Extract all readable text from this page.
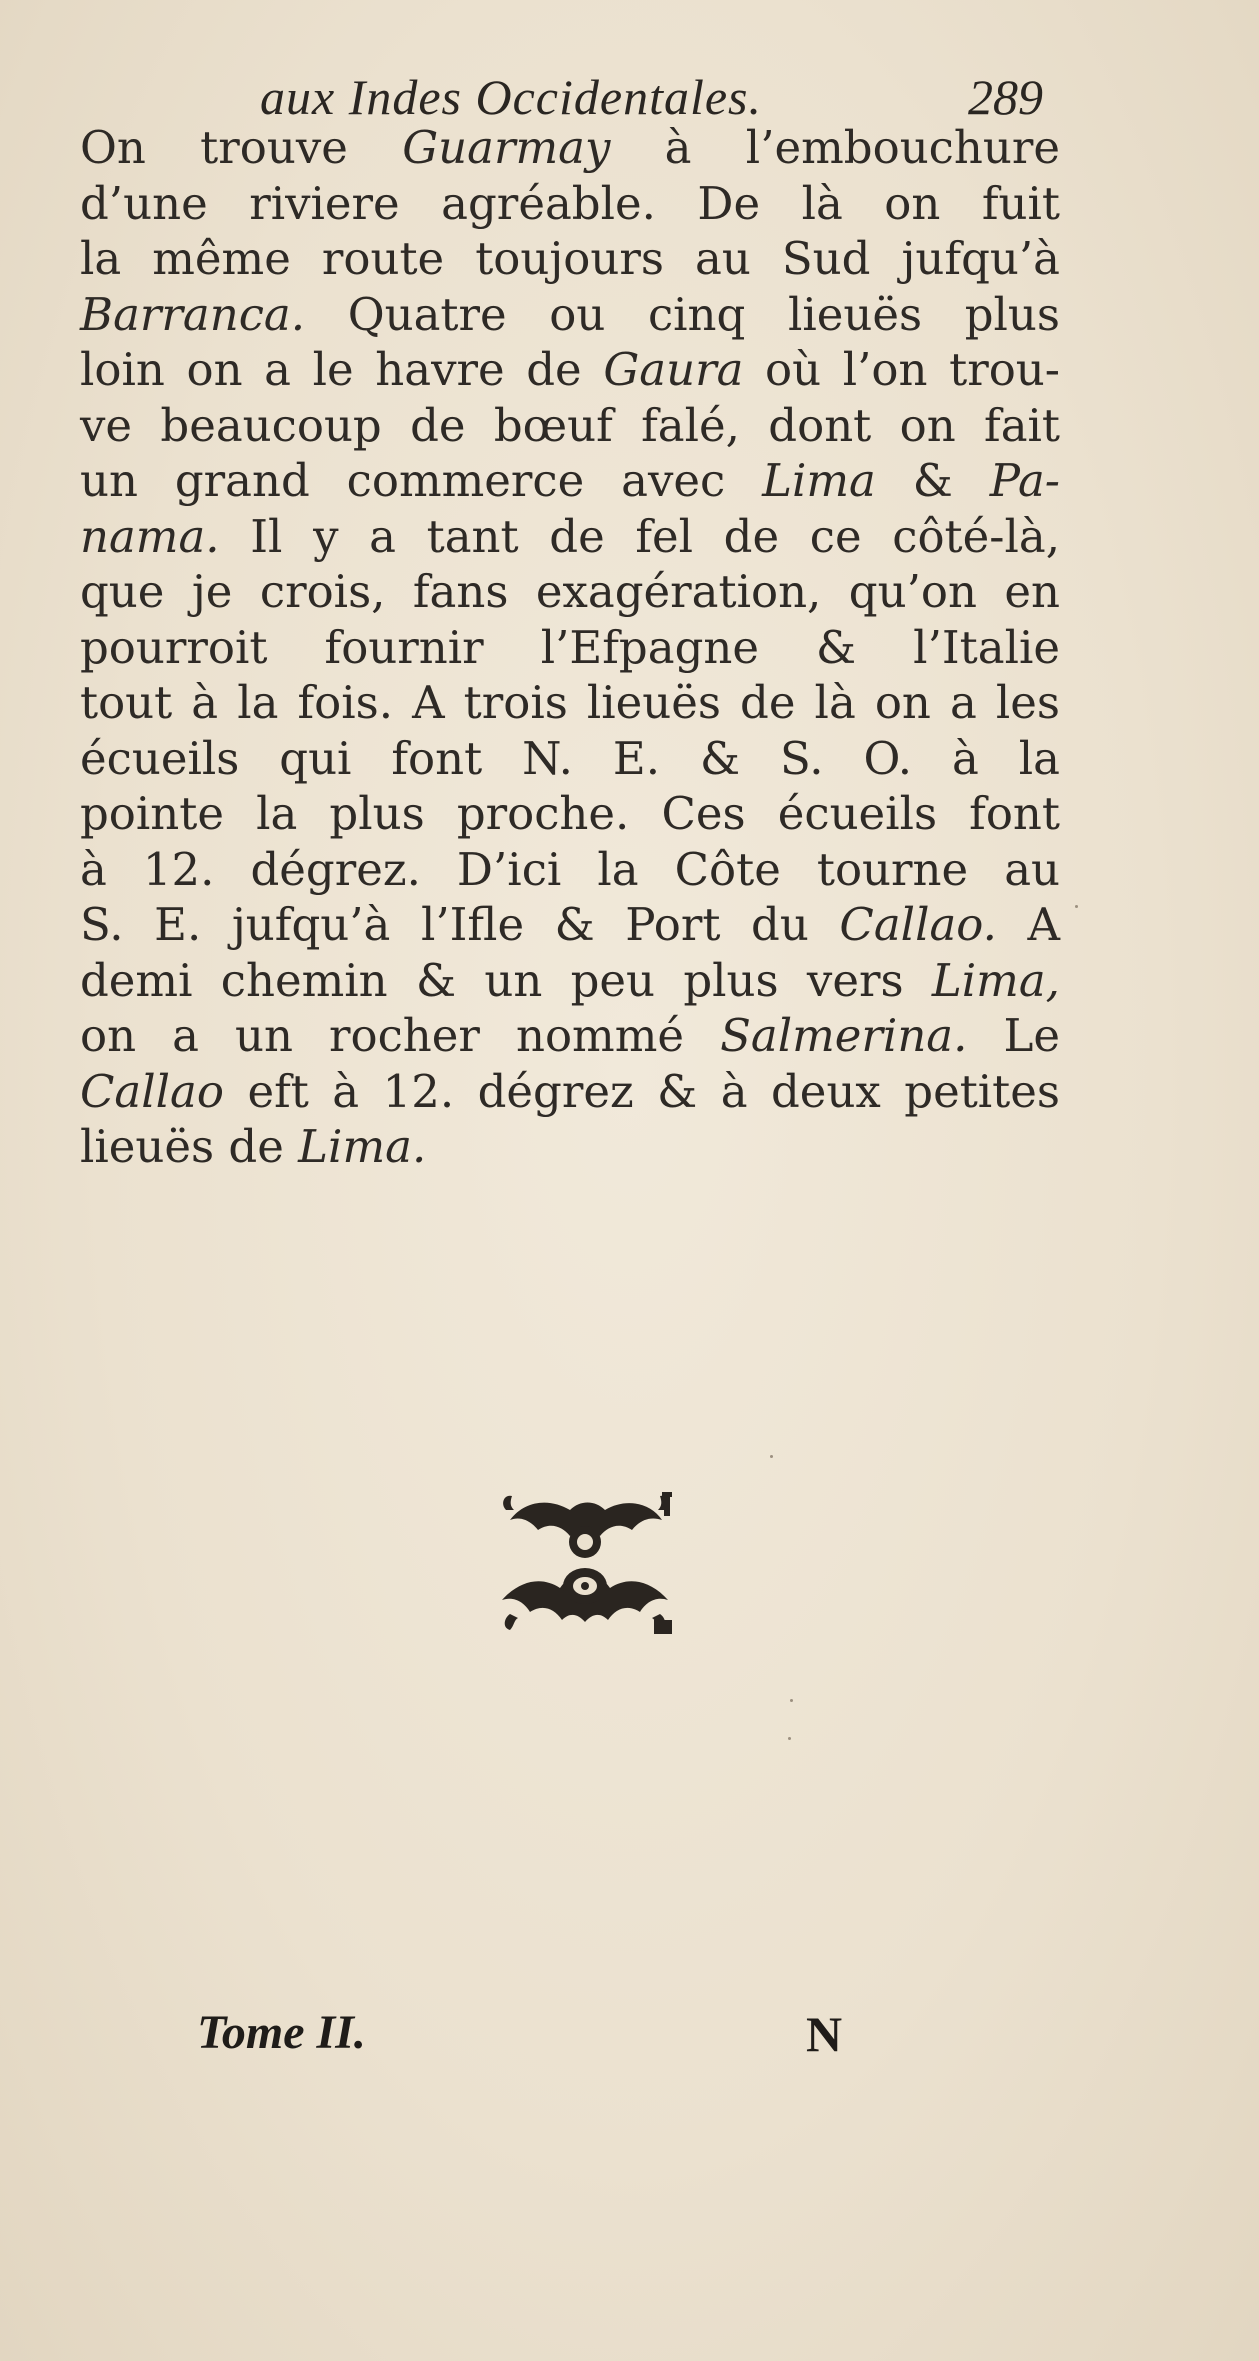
aux Indes Occidentales.	289
On trouve Guarmay à l’embouchure
d’une riviere agréable. De là on fuit
la même route toujours au Sud jufqu’à
Barranca. Quatre ou cinq lieuës plus
loin on a le havre de Gaura où l’on trou-
ve beaucoup de bœuf falé, dont on fait
un grand commerce avec Lima & Pa-
nama. Il y a tant de fel de ce côté-là,
que je crois, fans exagération, qu’on en
pourroit fournir l’Efpagne & l’Italie
tout à la fois. A trois lieuës de là on a les
écueils qui font N. E. & S. O. à la
pointe la plus proche. Ces écueils font
à 12. dégrez. D’ici la Côte tourne au
S. E. jufqu’à l’Ifle & Port du Callao. A
demi chemin & un peu plus vers Lima,
on a un rocher nommé Salmerina. Le
Callao eft à 12. dégrez & à deux petites
lieuës de Lima.
Tome II.	N
